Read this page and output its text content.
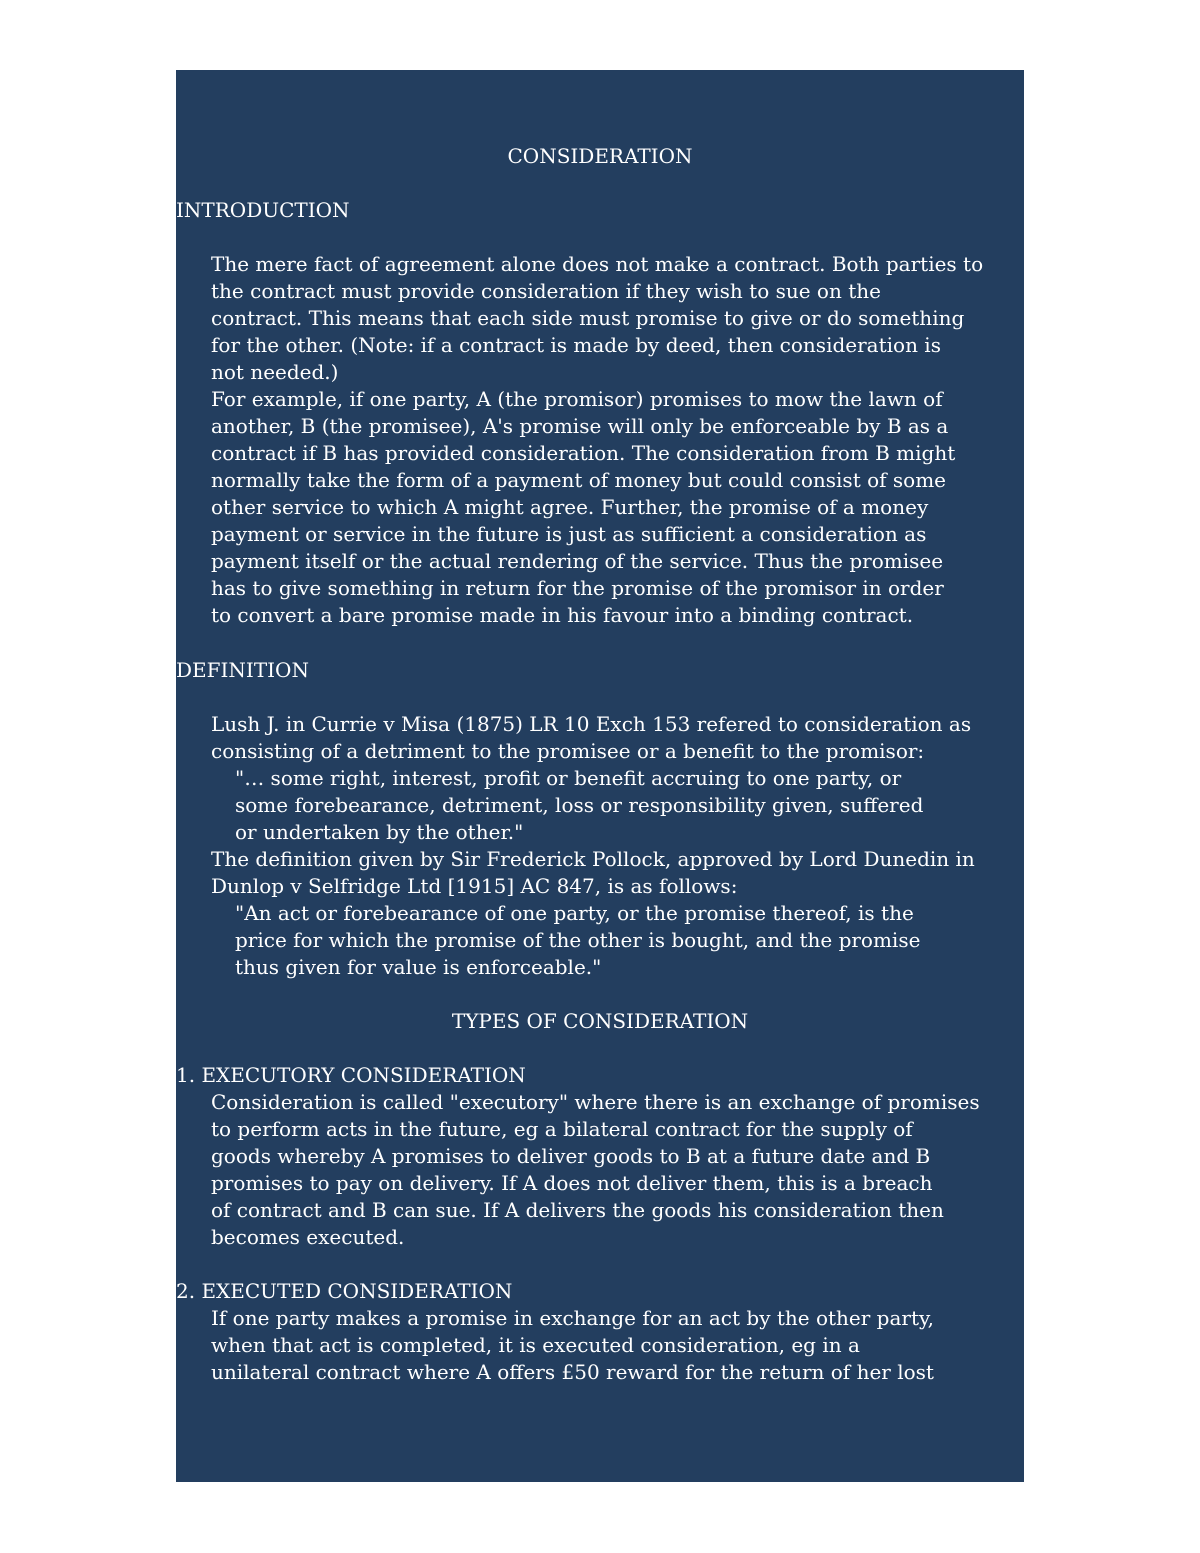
CONSIDERATION
INTRODUCTION
The mere fact of agreement alone does not make a contract. Both parties to
the contract must provide consideration if they wish to sue on the
contract. This means that each side must promise to give or do something
for the other. (Note: if a contract is made by deed, then consideration is
not needed.)
For example, if one party, A (the promisor) promises to mow the lawn of
another, B (the promisee), A's promise will only be enforceable by B as a
contract if B has provided consideration. The consideration from B might
normally take the form of a payment of money but could consist of some
other service to which A might agree. Further, the promise of a money
payment or service in the future is just as sufficient a consideration as
payment itself or the actual rendering of the service. Thus the promisee
has to give something in return for the promise of the promisor in order
to convert a bare promise made in his favour into a binding contract.
DEFINITION
Lush J. in Currie v Misa (1875) LR 10 Exch 153 refered to consideration as
consisting of a detriment to the promisee or a benefit to the promisor:
"… some right, interest, profit or benefit accruing to one party, or
some forebearance, detriment, loss or responsibility given, suffered
or undertaken by the other."
The definition given by Sir Frederick Pollock, approved by Lord Dunedin in
Dunlop v Selfridge Ltd [1915] AC 847, is as follows:
"An act or forebearance of one party, or the promise thereof, is the
price for which the promise of the other is bought, and the promise
thus given for value is enforceable."
TYPES OF CONSIDERATION
1. EXECUTORY CONSIDERATION
Consideration is called "executory" where there is an exchange of promises
to perform acts in the future, eg a bilateral contract for the supply of
goods whereby A promises to deliver goods to B at a future date and B
promises to pay on delivery. If A does not deliver them, this is a breach
of contract and B can sue. If A delivers the goods his consideration then
becomes executed.
2. EXECUTED CONSIDERATION
If one party makes a promise in exchange for an act by the other party,
when that act is completed, it is executed consideration, eg in a
unilateral contract where A offers £50 reward for the return of her lost
